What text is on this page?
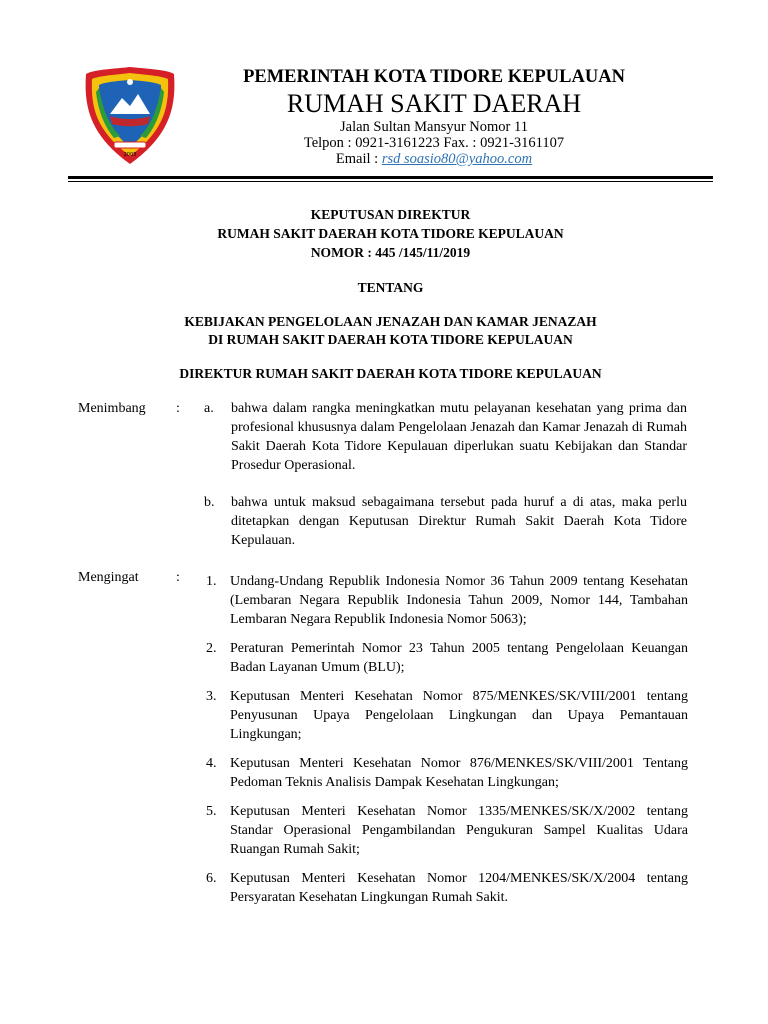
2003
PEMERINTAH KOTA TIDORE KEPULAUAN
RUMAH SAKIT DAERAH
Jalan Sultan Mansyur Nomor 11
Telpon : 0921-3161223 Fax. : 0921-3161107
Email : rsd soasio80@yahoo.com
KEPUTUSAN DIREKTUR
RUMAH SAKIT DAERAH KOTA TIDORE KEPULAUAN
NOMOR : 445 /145/11/2019
TENTANG
KEBIJAKAN PENGELOLAAN JENAZAH DAN KAMAR JENAZAH
DI RUMAH SAKIT DAERAH KOTA TIDORE KEPULAUAN
DIREKTUR RUMAH SAKIT DAERAH KOTA TIDORE KEPULAUAN
Menimbang : a. bahwa dalam rangka meningkatkan mutu pelayanan kesehatan yang prima dan profesional khususnya dalam Pengelolaan Jenazah dan Kamar Jenazah di Rumah Sakit Daerah Kota Tidore Kepulauan diperlukan suatu Kebijakan dan Standar Prosedur Operasional.
b. bahwa untuk maksud sebagaimana tersebut pada huruf a di atas, maka perlu ditetapkan dengan Keputusan Direktur Rumah Sakit Daerah Kota Tidore Kepulauan.
Mengingat	: 1. Undang-Undang Republik Indonesia Nomor 36 Tahun 2009 tentang Kesehatan (Lembaran Negara Republik Indonesia Tahun 2009, Nomor 144, Tambahan Lembaran Negara Republik Indonesia Nomor 5063);
2. Peraturan Pemerintah Nomor 23 Tahun 2005 tentang Pengelolaan Keuangan Badan Layanan Umum (BLU);
3. Keputusan Menteri Kesehatan Nomor 875/MENKES/SK/VIII/2001 tentang Penyusunan Upaya Pengelolaan Lingkungan dan Upaya Pemantauan Lingkungan;
4. Keputusan Menteri Kesehatan Nomor 876/MENKES/SK/VIII/2001 Tentang Pedoman Teknis Analisis Dampak Kesehatan Lingkungan;
5. Keputusan Menteri Kesehatan Nomor 1335/MENKES/SK/X/2002 tentang Standar Operasional Pengambilandan Pengukuran Sampel Kualitas Udara Ruangan Rumah Sakit;
6. Keputusan Menteri Kesehatan Nomor 1204/MENKES/SK/X/2004 tentang Persyaratan Kesehatan Lingkungan Rumah Sakit.
